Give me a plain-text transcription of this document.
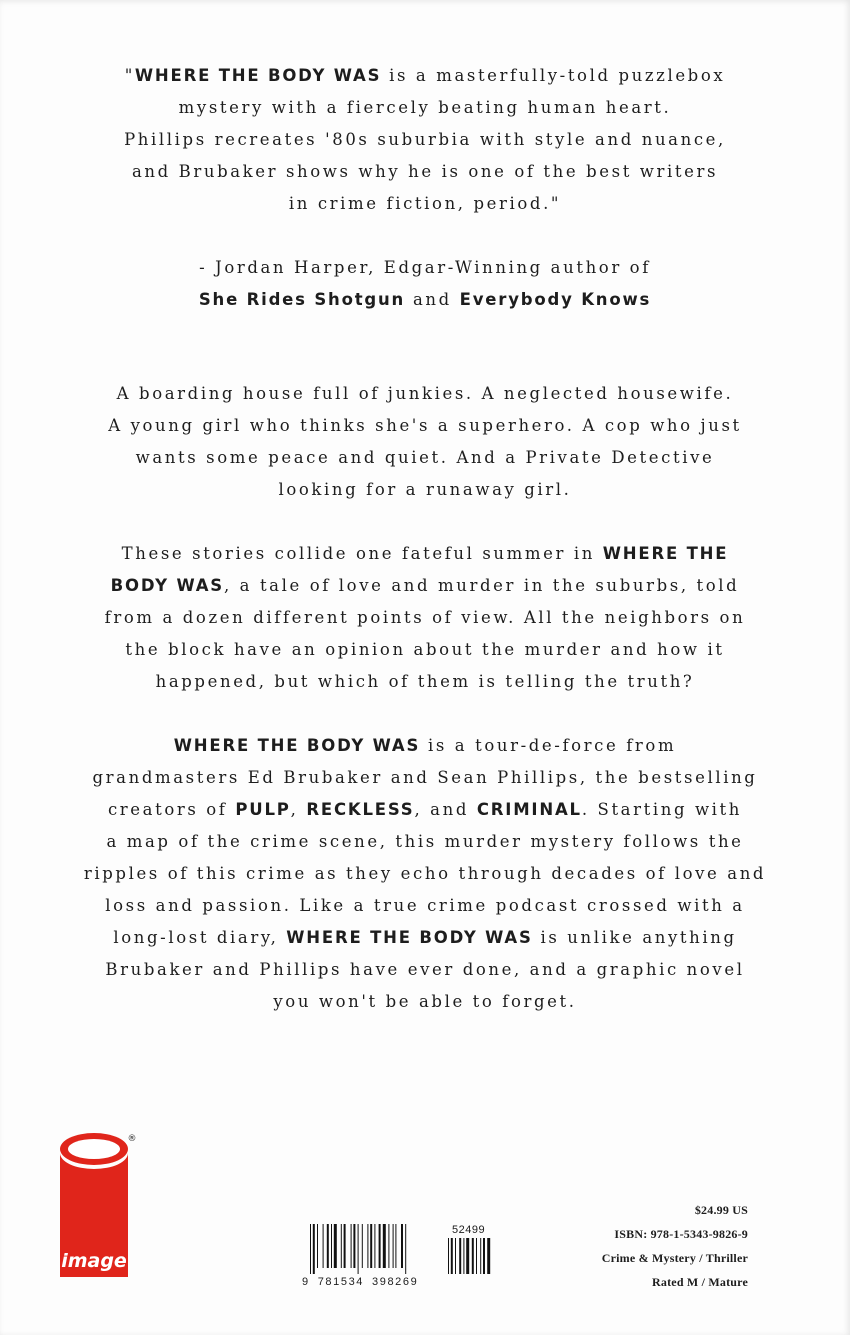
"WHERE THE BODY WAS is a masterfully-told puzzlebox
mystery with a fiercely beating human heart.
Phillips recreates '80s suburbia with style and nuance,
and Brubaker shows why he is one of the best writers
in crime fiction, period."
- Jordan Harper, Edgar-Winning author of
She Rides Shotgun and Everybody Knows
A boarding house full of junkies. A neglected housewife.
A young girl who thinks she's a superhero. A cop who just
wants some peace and quiet. And a Private Detective
looking for a runaway girl.
These stories collide one fateful summer in WHERE THE
BODY WAS, a tale of love and murder in the suburbs, told
from a dozen different points of view. All the neighbors on
the block have an opinion about the murder and how it
happened, but which of them is telling the truth?
WHERE THE BODY WAS is a tour-de-force from
grandmasters Ed Brubaker and Sean Phillips, the bestselling
creators of PULP, RECKLESS, and CRIMINAL. Starting with
a map of the crime scene, this murder mystery follows the
ripples of this crime as they echo through decades of love and
loss and passion. Like a true crime podcast crossed with a
long-lost diary, WHERE THE BODY WAS is unlike anything
Brubaker and Phillips have ever done, and a graphic novel
you won't be able to forget.
image
®
52499
9 781534 398269
$24.99 US
ISBN: 978-1-5343-9826-9
Crime & Mystery / Thriller
Rated M / Mature
